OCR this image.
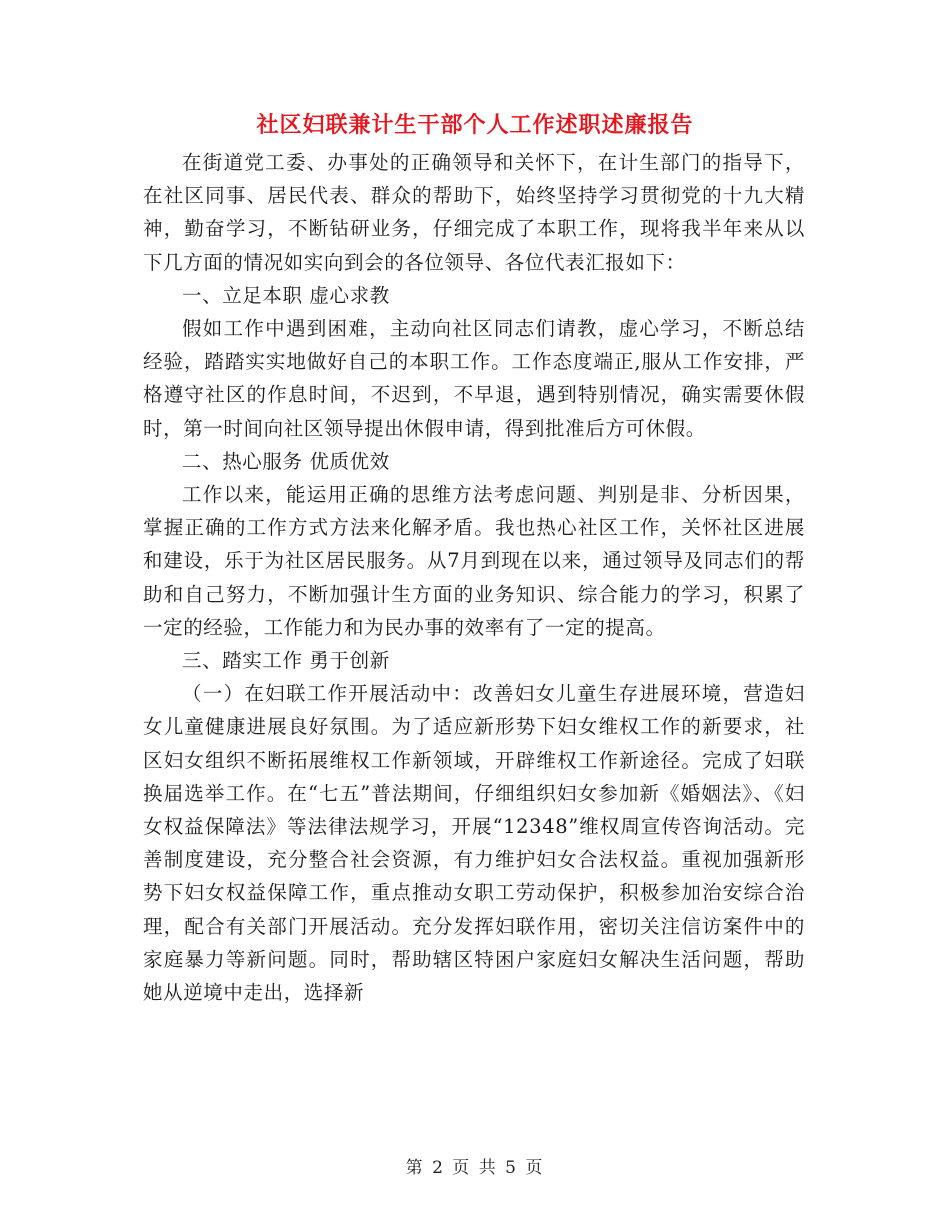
社区妇联兼计生干部个人工作述职述廉报告

在街道党工委、办事处的正确领导和关怀下，在计生部门的指导下，在社区同事、居民代表、群众的帮助下，始终坚持学习贯彻党的十九大精神，勤奋学习，不断钻研业务，仔细完成了本职工作，现将我半年来从以下几方面的情况如实向到会的各位领导、各位代表汇报如下：

一、立足本职 虚心求教

假如工作中遇到困难，主动向社区同志们请教，虚心学习，不断总结经验，踏踏实实地做好自己的本职工作。工作态度端正,服从工作安排，严格遵守社区的作息时间，不迟到，不早退，遇到特别情况，确实需要休假时，第一时间向社区领导提出休假申请，得到批准后方可休假。

二、热心服务 优质优效

工作以来，能运用正确的思维方法考虑问题、判别是非、分析因果，掌握正确的工作方式方法来化解矛盾。我也热心社区工作，关怀社区进展和建设，乐于为社区居民服务。从7月到现在以来，通过领导及同志们的帮助和自己努力，不断加强计生方面的业务知识、综合能力的学习，积累了一定的经验，工作能力和为民办事的效率有了一定的提高。

三、踏实工作 勇于创新

（一）在妇联工作开展活动中：改善妇女儿童生存进展环境，营造妇女儿童健康进展良好氛围。为了适应新形势下妇女维权工作的新要求，社区妇女组织不断拓展维权工作新领域，开辟维权工作新途径。完成了妇联换届选举工作。在“七五”普法期间，仔细组织妇女参加新《婚姻法》、《妇女权益保障法》等法律法规学习，开展“12348”维权周宣传咨询活动。完善制度建设，充分整合社会资源，有力维护妇女合法权益。重视加强新形势下妇女权益保障工作，重点推动女职工劳动保护，积极参加治安综合治理，配合有关部门开展活动。充分发挥妇联作用，密切关注信访案件中的家庭暴力等新问题。同时，帮助辖区特困户家庭妇女解决生活问题，帮助她从逆境中走出，选择新

第 2 页 共 5 页
